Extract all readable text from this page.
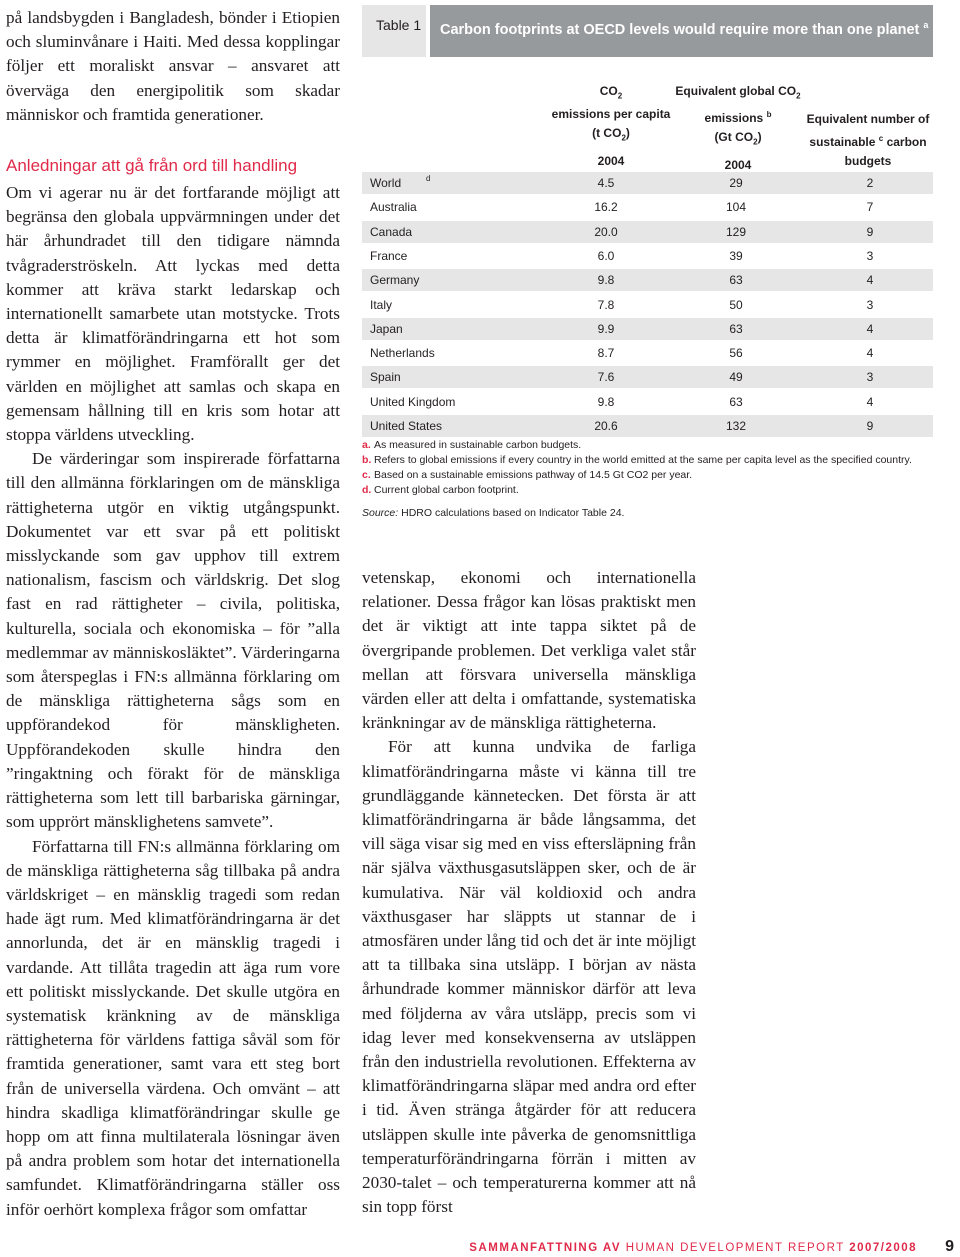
på landsbygden i Bangladesh, bönder i Etiopien och sluminvånare i Haiti. Med dessa kopplingar följer ett moraliskt ansvar – ansvaret att överväga den energipolitik som skadar människor och framtida generationer.

Anledningar att gå från ord till handling

Om vi agerar nu är det fortfarande möjligt att begränsa den globala uppvärmningen under det här århundradet till den tidigare nämnda tvågraderströskeln. Att lyckas med detta kommer att kräva starkt ledarskap och internationellt samarbete utan motstycke. Trots detta är klimatförändringarna ett hot som rymmer en möjlighet. Framförallt ger det världen en möjlighet att samlas och skapa en gemensam hållning till en kris som hotar att stoppa världens utveckling.

De värderingar som inspirerade författarna till den allmänna förklaringen om de mänskliga rättigheterna utgör en viktig utgångspunkt. Dokumentet var ett svar på ett politiskt misslyckande som gav upphov till extrem nationalism, fascism och världskrig. Det slog fast en rad rättigheter – civila, politiska, kulturella, sociala och ekonomiska – för ”alla medlemmar av människosläktet”. Värderingarna som återspeglas i FN:s allmänna förklaring om de mänskliga rättigheterna sågs som en uppförandekod för mänskligheten. Uppförandekoden skulle hindra den ”ringaktning och förakt för de mänskliga rättigheterna som lett till barbariska gärningar, som upprört mänsklighetens samvete”.

Författarna till FN:s allmänna förklaring om de mänskliga rättigheterna såg tillbaka på andra världskriget – en mänsklig tragedi som redan hade ägt rum. Med klimatförändringarna är det annorlunda, det är en mänsklig tragedi i vardande. Att tillåta tragedin att äga rum vore ett politiskt misslyckande. Det skulle utgöra en systematisk kränkning av de mänskliga rättigheterna för världens fattiga såväl som för framtida generationer, samt vara ett steg bort från de universella värdena. Och omvänt – att hindra skadliga klimatförändringar skulle ge hopp om att finna multilaterala lösningar även på andra problem som hotar det internationella samfundet. Klimatförändringarna ställer oss inför oerhört komplexa frågor som omfattar

Table 1	Carbon footprints at OECD levels would require more than one planet $^a$
$CO_2$
emissions per capita
(t $CO_2$)
2004
Equivalent global $CO_2$
emissions $^b$
(Gt $CO_2$)
2004
Equivalent number of
sustainable $^c$ carbon
budgets
World	d	4.5	29	2
Australia	16.2	104	7
Canada	20.0	129	9
France	6.0	39	3
Germany	9.8	63	4
Italy	7.8	50	3
Japan	9.9	63	4
Netherlands	8.7	56	4
Spain	7.6	49	3
United Kingdom	9.8	63	4
United States	20.6	132	9
a. As measured in sustainable carbon budgets.
b. Refers to global emissions if every country in the world emitted at the same per capita level as the specified country.
c. Based on a sustainable emissions pathway of 14.5 Gt CO2 per year.
d. Current global carbon footprint.
Source: HDRO calculations based on Indicator Table 24.

vetenskap, ekonomi och internationella relationer. Dessa frågor kan lösas praktiskt men det är viktigt att inte tappa siktet på de övergripande problemen. Det verkliga valet står mellan att försvara universella mänskliga värden eller att delta i omfattande, systematiska kränkningar av de mänskliga rättigheterna.

För att kunna undvika de farliga klimatförändringarna måste vi känna till tre grundläggande kännetecken. Det första är att klimatförändringarna är både långsamma, det vill säga visar sig med en viss eftersläpning från när själva växthusgasutsläppen sker, och de är kumulativa. När väl koldioxid och andra växthusgaser har släppts ut stannar de i atmosfären under lång tid och det är inte möjligt att ta tillbaka sina utsläpp. I början av nästa århundrade kommer människor därför att leva med följderna av våra utsläpp, precis som vi idag lever med konsekvenserna av utsläppen från den industriella revolutionen. Effekterna av klimatförändringarna släpar med andra ord efter i tid. Även stränga åtgärder för att reducera utsläppen skulle inte påverka de genomsnittliga temperaturförändringarna förrän i mitten av 2030-talet – och temperaturerna kommer att nå sin topp först

SAMMANFATTNING AV HUMAN DEVELOPMENT REPORT 2007/2008 9
